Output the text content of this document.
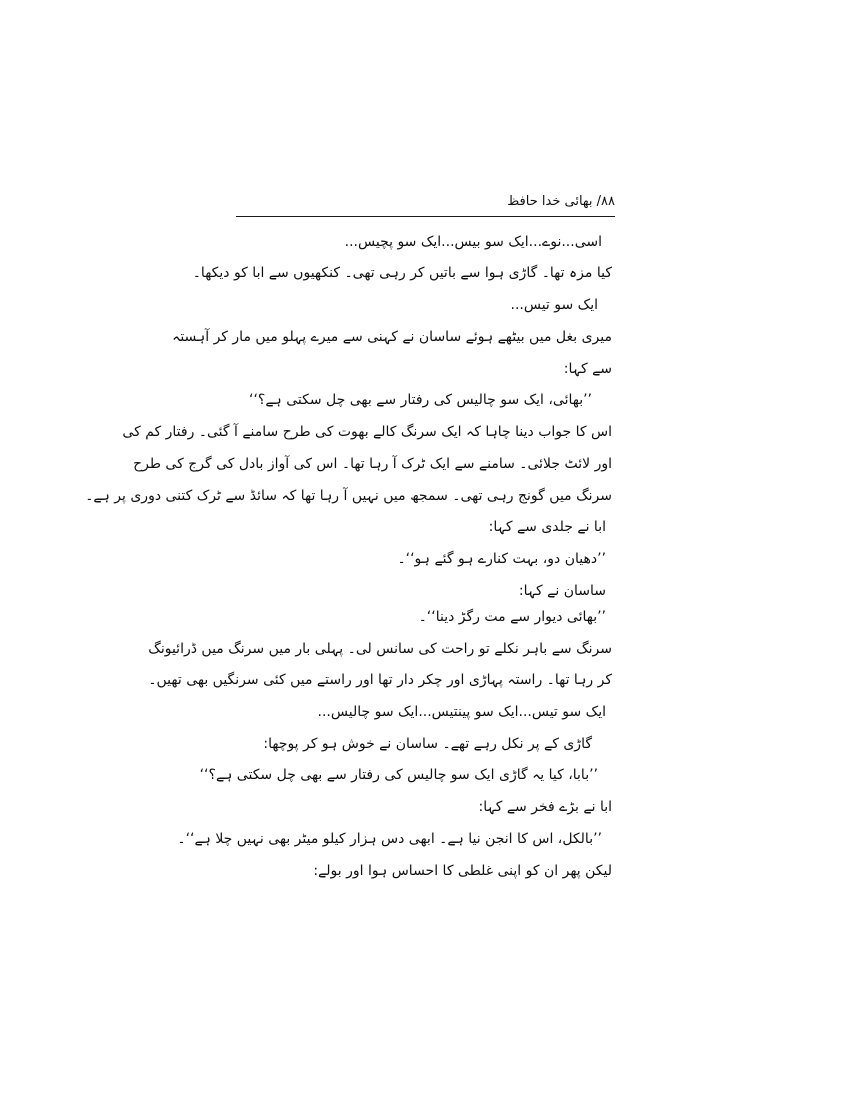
۸۸/ بھائی خدا حافظ
اسی...نوے...ایک سو بیس...ایک سو پچیس...
کیا مزہ تھا۔ گاڑی ہوا سے باتیں کر رہی تھی۔ کنکھیوں سے ابا کو دیکھا۔
ایک سو تیس...
میری بغل میں بیٹھے ہوئے ساسان نے کہنی سے میرے پہلو میں مار کر آہستہ
سے کہا:
’’بھائی، ایک سو چالیس کی رفتار سے بھی چل سکتی ہے؟‘‘
اس کا جواب دینا چاہا کہ ایک سرنگ کالے بھوت کی طرح سامنے آ گئی۔ رفتار کم کی
اور لائٹ جلائی۔ سامنے سے ایک ٹرک آ رہا تھا۔ اس کی آواز بادل کی گرج کی طرح
سرنگ میں گونج رہی تھی۔ سمجھ میں نہیں آ رہا تھا کہ سائڈ سے ٹرک کتنی دوری پر ہے۔
ابا نے جلدی سے کہا:
’’دھیان دو، بہت کنارے ہو گئے ہو‘‘۔
ساسان نے کہا:
’’بھائی دیوار سے مت رگڑ دینا‘‘۔
سرنگ سے باہر نکلے تو راحت کی سانس لی۔ پہلی بار میں سرنگ میں ڈرائیونگ
کر رہا تھا۔ راستہ پہاڑی اور چکر دار تھا اور راستے میں کئی سرنگیں بھی تھیں۔
ایک سو تیس...ایک سو پینتیس...ایک سو چالیس...
گاڑی کے پر نکل رہے تھے۔ ساسان نے خوش ہو کر پوچھا:
’’بابا، کیا یہ گاڑی ایک سو چالیس کی رفتار سے بھی چل سکتی ہے؟‘‘
ابا نے بڑے فخر سے کہا:
’’بالکل، اس کا انجن نیا ہے۔ ابھی دس ہزار کیلو میٹر بھی نہیں چلا ہے‘‘۔
لیکن پھر ان کو اپنی غلطی کا احساس ہوا اور بولے:
